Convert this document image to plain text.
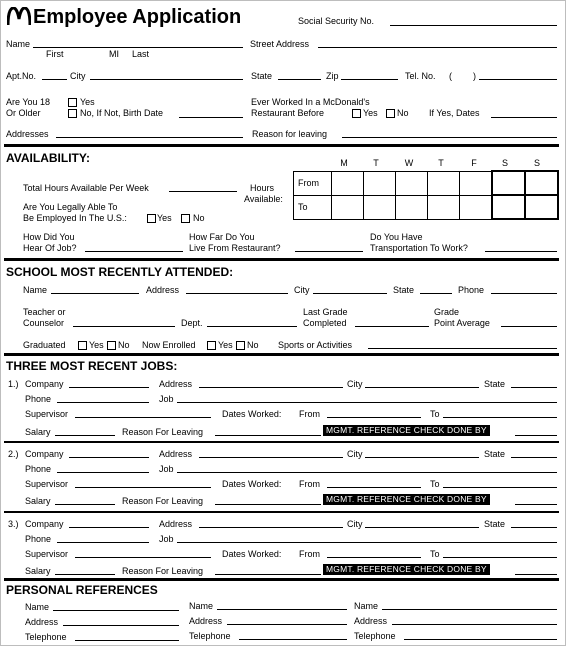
Employee Application	Social Security No.
Name
First	MI Last
Street Address
Apt.No.	City	State	Zip	Tel. No. ( )
Are You 18
Or Older
Yes
No, If Not, Birth Date
Ever Worked In a McDonald's
Restaurant Before	Yes No If Yes, Dates
Addresses	Reason for leaving
AVAILABILITY:	M	T	W	T	F	S	S
From							
To							
Hours
Available:
Total Hours Available Per Week
Are You Legally Able To
Be Employed In The U.S.:	Yes No
How Did You
Hear Of Job?
How Far Do You
Live From Restaurant?
Do You Have
Transportation To Work?
SCHOOL MOST RECENTLY ATTENDED:
Name	Address	City	State	Phone
Teacher or
Counselor	Dept.
Last Grade
Completed
Grade
Point Average
Graduated	Yes No Now Enrolled Yes No Sports or Activities
THREE MOST RECENT JOBS:
1.) Company	Address	City	State
Phone	Job
Supervisor	Dates Worked: From	To
Salary	Reason For Leaving	MGMT. REFERENCE CHECK DONE BY
2.) Company	Address	City	State
Phone	Job
Supervisor	Dates Worked: From	To
Salary	Reason For Leaving	MGMT. REFERENCE CHECK DONE BY
3.) Company	Address	City	State
Phone	Job
Supervisor	Dates Worked: From	To
Salary	Reason For Leaving	MGMT. REFERENCE CHECK DONE BY
PERSONAL REFERENCES
Name	Name	Name
Address	Address	Address
Telephone	Telephone	Telephone
